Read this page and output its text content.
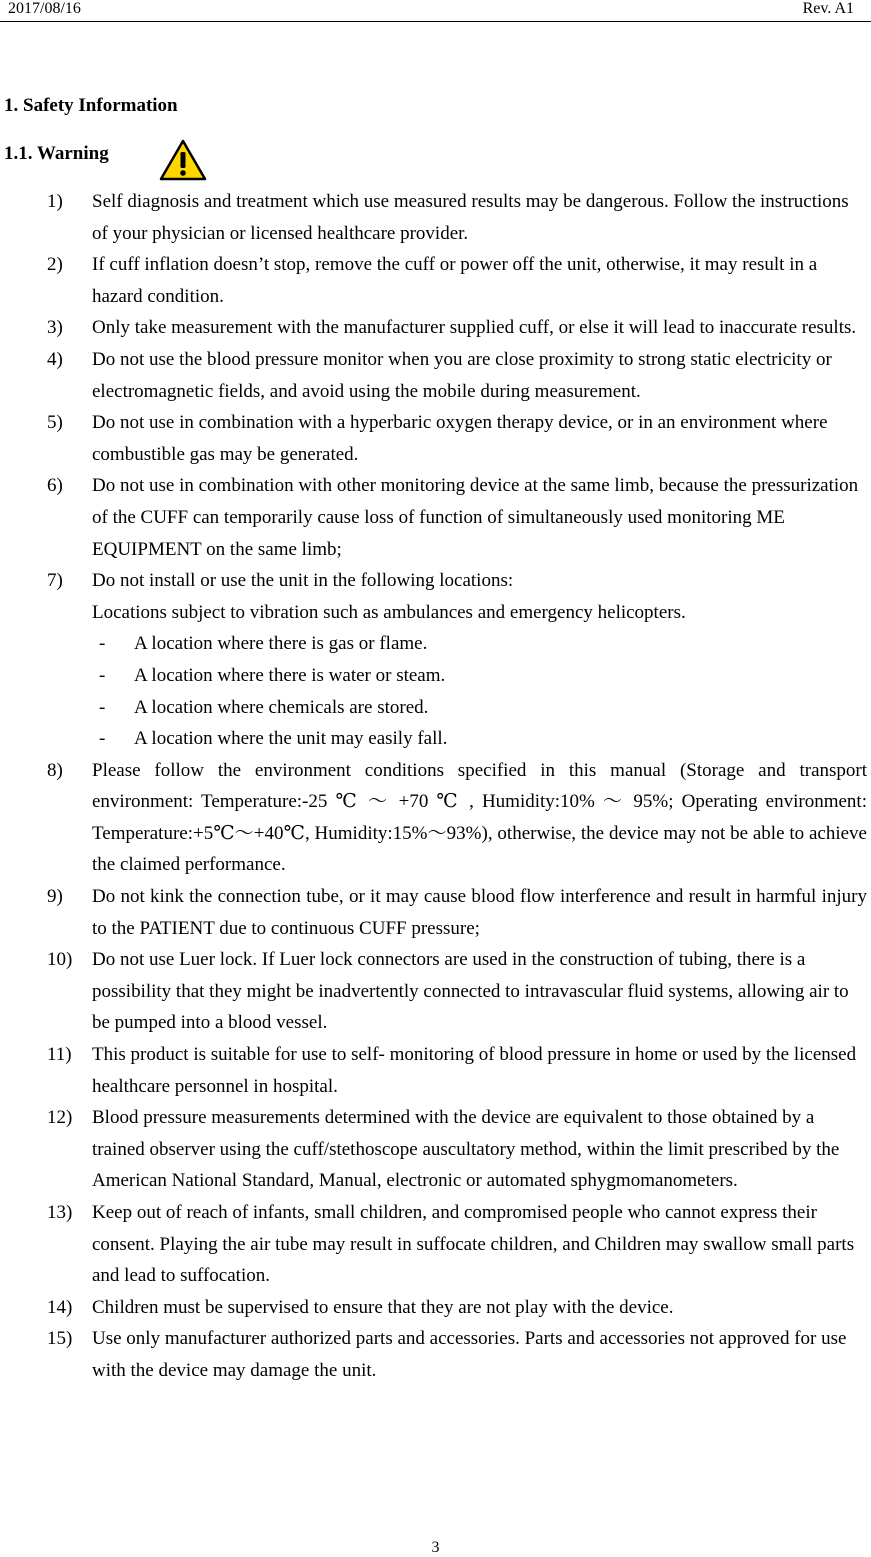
2017/08/16	Rev. A1
1. Safety Information
1.1. Warning
1) Self diagnosis and treatment which use measured results may be dangerous. Follow the instructions of your physician or licensed healthcare provider.
2) If cuff inflation doesn’t stop, remove the cuff or power off the unit, otherwise, it may result in a hazard condition.
3) Only take measurement with the manufacturer supplied cuff, or else it will lead to inaccurate results.
4) Do not use the blood pressure monitor when you are close proximity to strong static electricity or electromagnetic fields, and avoid using the mobile during measurement.
5) Do not use in combination with a hyperbaric oxygen therapy device, or in an environment where combustible gas may be generated.
6) Do not use in combination with other monitoring device at the same limb, because the pressurization of the CUFF can temporarily cause loss of function of simultaneously used monitoring ME EQUIPMENT on the same limb;
7) Do not install or use the unit in the following locations:
Locations subject to vibration such as ambulances and emergency helicopters.
- A location where there is gas or flame.
- A location where there is water or steam.
- A location where chemicals are stored.
- A location where the unit may easily fall.
8) Please follow the environment conditions specified in this manual (Storage and transport environment: Temperature:-25 ℃ ～ +70 ℃ , Humidity:10% ～ 95%; Operating environment: Temperature:+5℃～+40℃, Humidity:15%～93%), otherwise, the device may not be able to achieve the claimed performance.
9) Do not kink the connection tube, or it may cause blood flow interference and result in harmful injury to the PATIENT due to continuous CUFF pressure;
10) Do not use Luer lock. If Luer lock connectors are used in the construction of tubing, there is a possibility that they might be inadvertently connected to intravascular fluid systems, allowing air to be pumped into a blood vessel.
11) This product is suitable for use to self- monitoring of blood pressure in home or used by the licensed healthcare personnel in hospital.
12) Blood pressure measurements determined with the device are equivalent to those obtained by a trained observer using the cuff/stethoscope auscultatory method, within the limit prescribed by the American National Standard, Manual, electronic or automated sphygmomanometers.
13) Keep out of reach of infants, small children, and compromised people who cannot express their consent. Playing the air tube may result in suffocate children, and Children may swallow small parts and lead to suffocation.
14) Children must be supervised to ensure that they are not play with the device.
15) Use only manufacturer authorized parts and accessories. Parts and accessories not approved for use with the device may damage the unit.
3
